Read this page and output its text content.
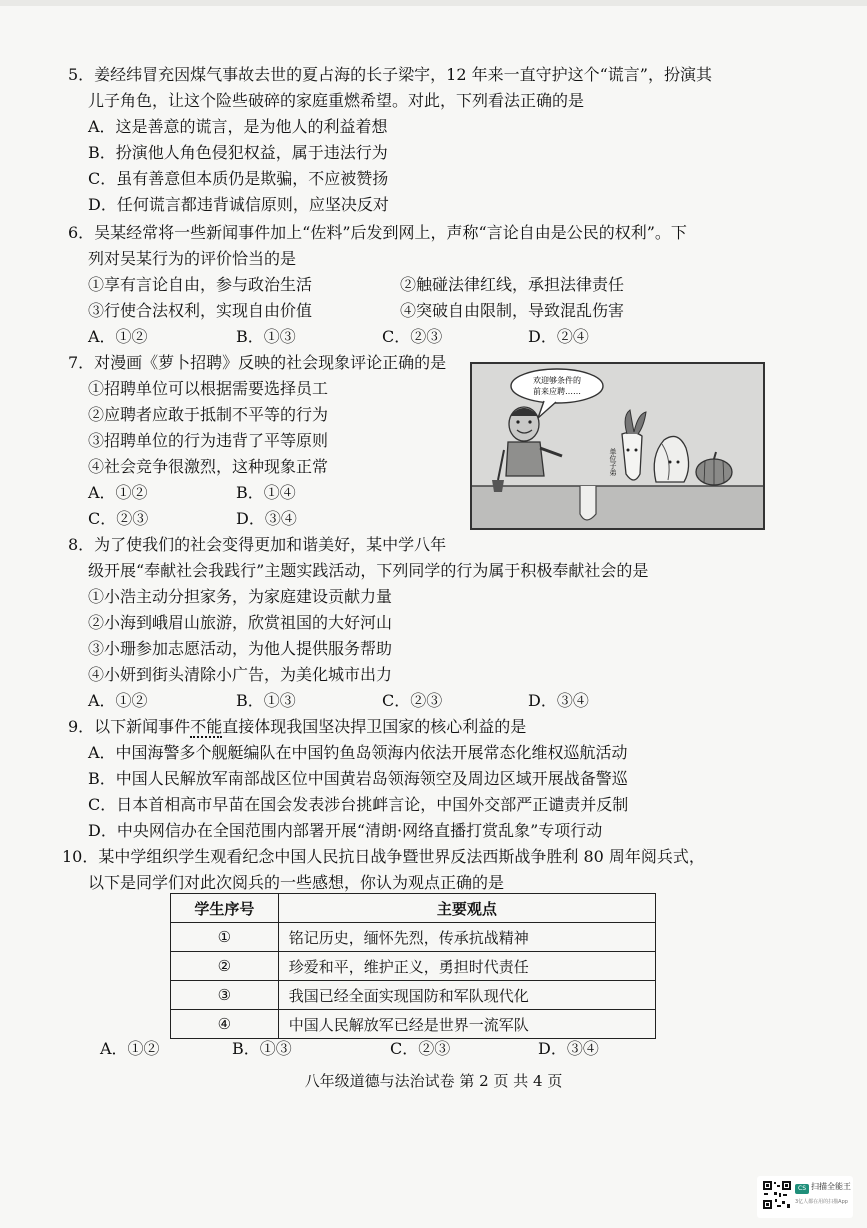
5．姜经纬冒充因煤气事故去世的夏占海的长子梁宇，12 年来一直守护这个“谎言”，扮演其
儿子角色，让这个险些破碎的家庭重燃希望。对此，下列看法正确的是
A．这是善意的谎言，是为他人的利益着想
B．扮演他人角色侵犯权益，属于违法行为
C．虽有善意但本质仍是欺骗，不应被赞扬
D．任何谎言都违背诚信原则，应坚决反对
6．吴某经常将一些新闻事件加上“佐料”后发到网上，声称“言论自由是公民的权利”。下
列对吴某行为的评价恰当的是
①享有言论自由，参与政治生活	②触碰法律红线，承担法律责任
③行使合法权利，实现自由价值	④突破自由限制，导致混乱伤害
A．①②	B．①③	C．②③	D．②④
7．对漫画《萝卜招聘》反映的社会现象评论正确的是
①招聘单位可以根据需要选择员工
②应聘者应敢于抵制不平等的行为
③招聘单位的行为违背了平等原则
④社会竞争很激烈，这种现象正常
A．①②	B．①④
C．②③	D．③④
欢迎够条件的
前来应聘……
单位子弟
8．为了使我们的社会变得更加和谐美好，某中学八年
级开展“奉献社会我践行”主题实践活动，下列同学的行为属于积极奉献社会的是
①小浩主动分担家务，为家庭建设贡献力量
②小海到峨眉山旅游，欣赏祖国的大好河山
③小珊参加志愿活动，为他人提供服务帮助
④小妍到街头清除小广告，为美化城市出力
A．①②	B．①③	C．②③	D．③④
9．以下新闻事件不能直接体现我国坚决捍卫国家的核心利益的是
A．中国海警多个舰艇编队在中国钓鱼岛领海内依法开展常态化维权巡航活动
B．中国人民解放军南部战区位中国黄岩岛领海领空及周边区域开展战备警巡
C．日本首相高市早苗在国会发表涉台挑衅言论，中国外交部严正谴责并反制
D．中央网信办在全国范围内部署开展“清朗·网络直播打赏乱象”专项行动
10．某中学组织学生观看纪念中国人民抗日战争暨世界反法西斯战争胜利 80 周年阅兵式，
以下是同学们对此次阅兵的一些感想，你认为观点正确的是
学生序号	主要观点
①	铭记历史，缅怀先烈，传承抗战精神
②	珍爱和平，维护正义，勇担时代责任
③	我国已经全面实现国防和军队现代化
④	中国人民解放军已经是世界一流军队
A．①②	B．①③	C．②③	D．③④
八年级道德与法治试卷 第 2 页 共 4 页
CS 扫描全能王
3亿人都在用的扫描App
